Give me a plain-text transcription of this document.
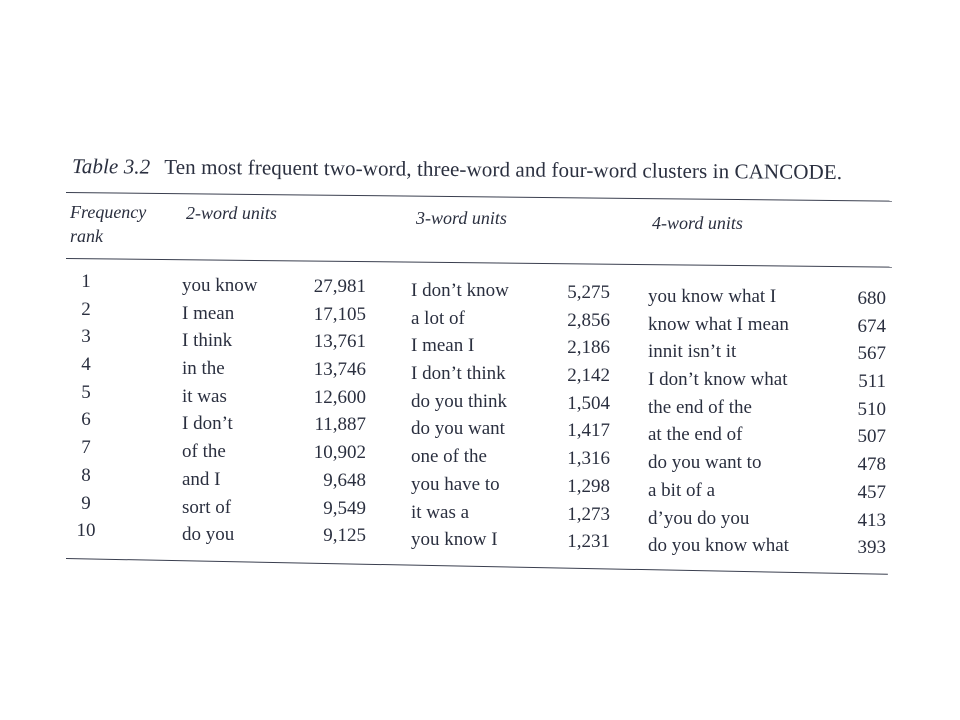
Table 3.2 Ten most frequent two-word, three-word and four-word clusters in CANCODE.
Frequency
rank
2-word units	3-word units	4-word units
1
2
3
4
5
6
7
8
9
10
you know
I mean
I think
in the
it was
I don’t
of the
and I
sort of
do you
27,981
17,105
13,761
13,746
12,600
11,887
10,902
9,648
9,549
9,125
I don’t know
a lot of
I mean I
I don’t think
do you think
do you want
one of the
you have to
it was a
you know I
5,275
2,856
2,186
2,142
1,504
1,417
1,316
1,298
1,273
1,231
you know what I
know what I mean
innit isn’t it
I don’t know what
the end of the
at the end of
do you want to
a bit of a
d’you do you
do you know what
680
674
567
511
510
507
478
457
413
393
